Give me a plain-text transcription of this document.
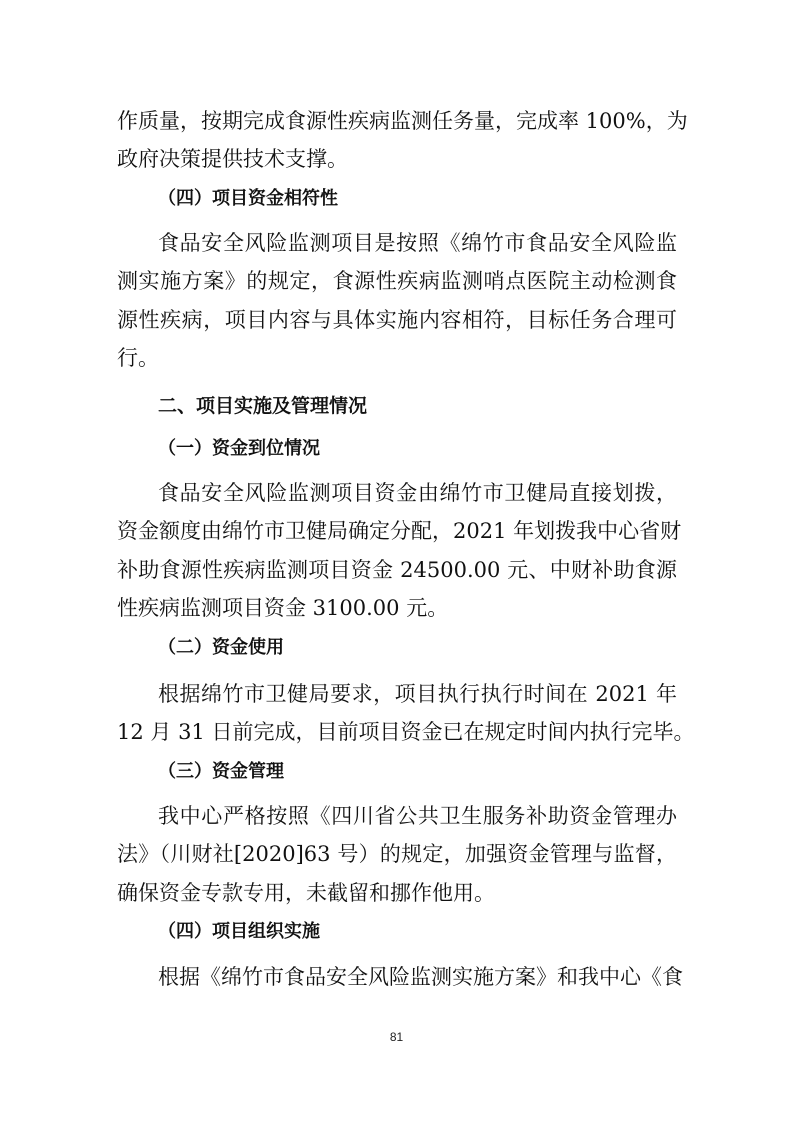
作质量，按期完成食源性疾病监测任务量，完成率 100%，为
政府决策提供技术支撑。
（四）项目资金相符性
食品安全风险监测项目是按照《绵竹市食品安全风险监
测实施方案》的规定，食源性疾病监测哨点医院主动检测食
源性疾病，项目内容与具体实施内容相符，目标任务合理可
行。
二、项目实施及管理情况
（一）资金到位情况
食品安全风险监测项目资金由绵竹市卫健局直接划拨，
资金额度由绵竹市卫健局确定分配，2021 年划拨我中心省财
补助食源性疾病监测项目资金 24500.00 元、中财补助食源
性疾病监测项目资金 3100.00 元。
（二）资金使用
根据绵竹市卫健局要求，项目执行执行时间在 2021 年
12 月 31 日前完成，目前项目资金已在规定时间内执行完毕。
（三）资金管理
我中心严格按照《四川省公共卫生服务补助资金管理办
法》（川财社[2020]63 号）的规定，加强资金管理与监督，
确保资金专款专用，未截留和挪作他用。
（四）项目组织实施
根据《绵竹市食品安全风险监测实施方案》和我中心《食
81
